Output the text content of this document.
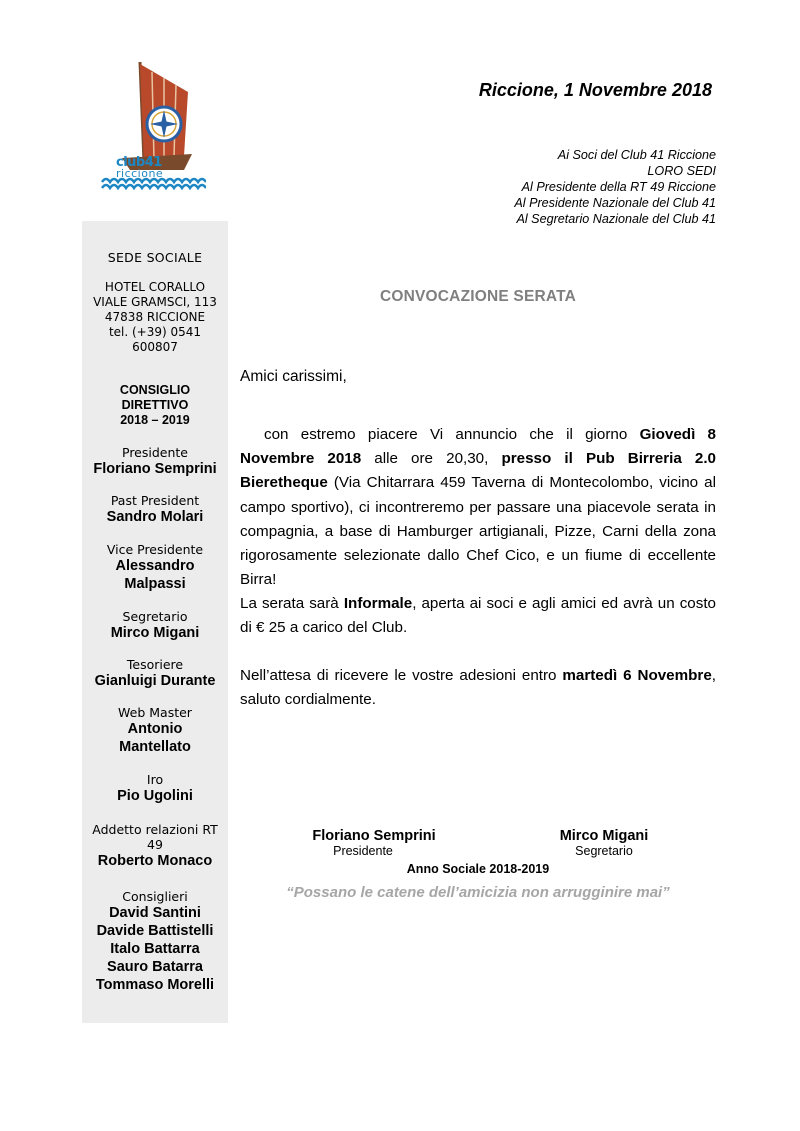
club41
riccione
Riccione, 1 Novembre 2018
Ai Soci del Club 41 Riccione
LORO SEDI
Al Presidente della RT 49 Riccione
Al Presidente Nazionale del Club 41
Al Segretario Nazionale del Club 41
SEDE SOCIALE
HOTEL CORALLO
VIALE GRAMSCI, 113
47838 RICCIONE
tel. (+39) 0541
600807
CONSIGLIO
DIRETTIVO
2018 – 2019
Presidente
Floriano Semprini
Past President
Sandro Molari
Vice Presidente
Alessandro
Malpassi
Segretario
Mirco Migani
Tesoriere
Gianluigi Durante
Web Master
Antonio
Mantellato
Iro
Pio Ugolini
Addetto relazioni RT
49
Roberto Monaco
Consiglieri
David Santini
Davide Battistelli
Italo Battarra
Sauro Batarra
Tommaso Morelli
CONVOCAZIONE SERATA
Amici carissimi,
con estremo piacere Vi annuncio che il giorno Giovedì 8 Novembre 2018 alle ore 20,30, presso il Pub Birreria 2.0 Bieretheque (Via Chitarrara 459 Taverna di Montecolombo, vicino al campo sportivo), ci incontreremo per passare una piacevole serata in compagnia, a base di Hamburger artigianali, Pizze, Carni della zona rigorosamente selezionate dallo Chef Cico, e un fiume di eccellente Birra!
La serata sarà Informale, aperta ai soci e agli amici ed avrà un costo di € 25 a carico del Club.
Nell’attesa di ricevere le vostre adesioni entro martedì 6 Novembre, saluto cordialmente.
Floriano Semprini
Presidente
Mirco Migani
Segretario
Anno Sociale 2018-2019
“Possano le catene dell’amicizia non arrugginire mai”
